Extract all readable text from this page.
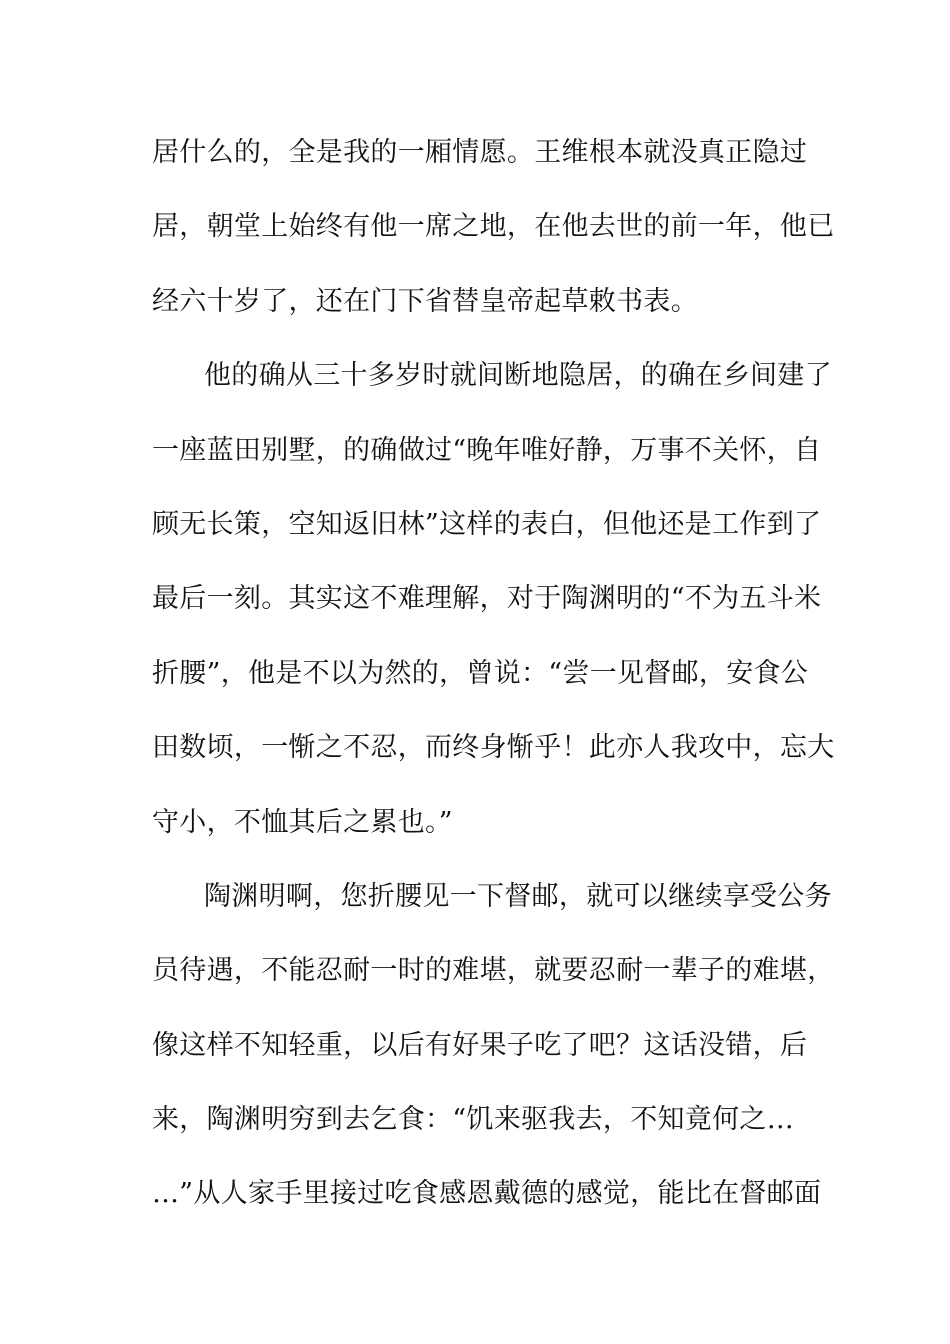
居什么的，全是我的一厢情愿。王维根本就没真正隐过
居，朝堂上始终有他一席之地，在他去世的前一年，他已
经六十岁了，还在门下省替皇帝起草敕书表。
他的确从三十多岁时就间断地隐居，的确在乡间建了
一座蓝田别墅，的确做过“晚年唯好静，万事不关怀，自
顾无长策，空知返旧林”这样的表白，但他还是工作到了
最后一刻。其实这不难理解，对于陶渊明的“不为五斗米
折腰”，他是不以为然的，曾说：“尝一见督邮，安食公
田数顷，一惭之不忍，而终身惭乎！此亦人我攻中，忘大
守小，不恤其后之累也。”
陶渊明啊，您折腰见一下督邮，就可以继续享受公务
员待遇，不能忍耐一时的难堪，就要忍耐一辈子的难堪，
像这样不知轻重，以后有好果子吃了吧？这话没错，后
来，陶渊明穷到去乞食：“饥来驱我去，不知竟何之…
…”从人家手里接过吃食感恩戴德的感觉，能比在督邮面
